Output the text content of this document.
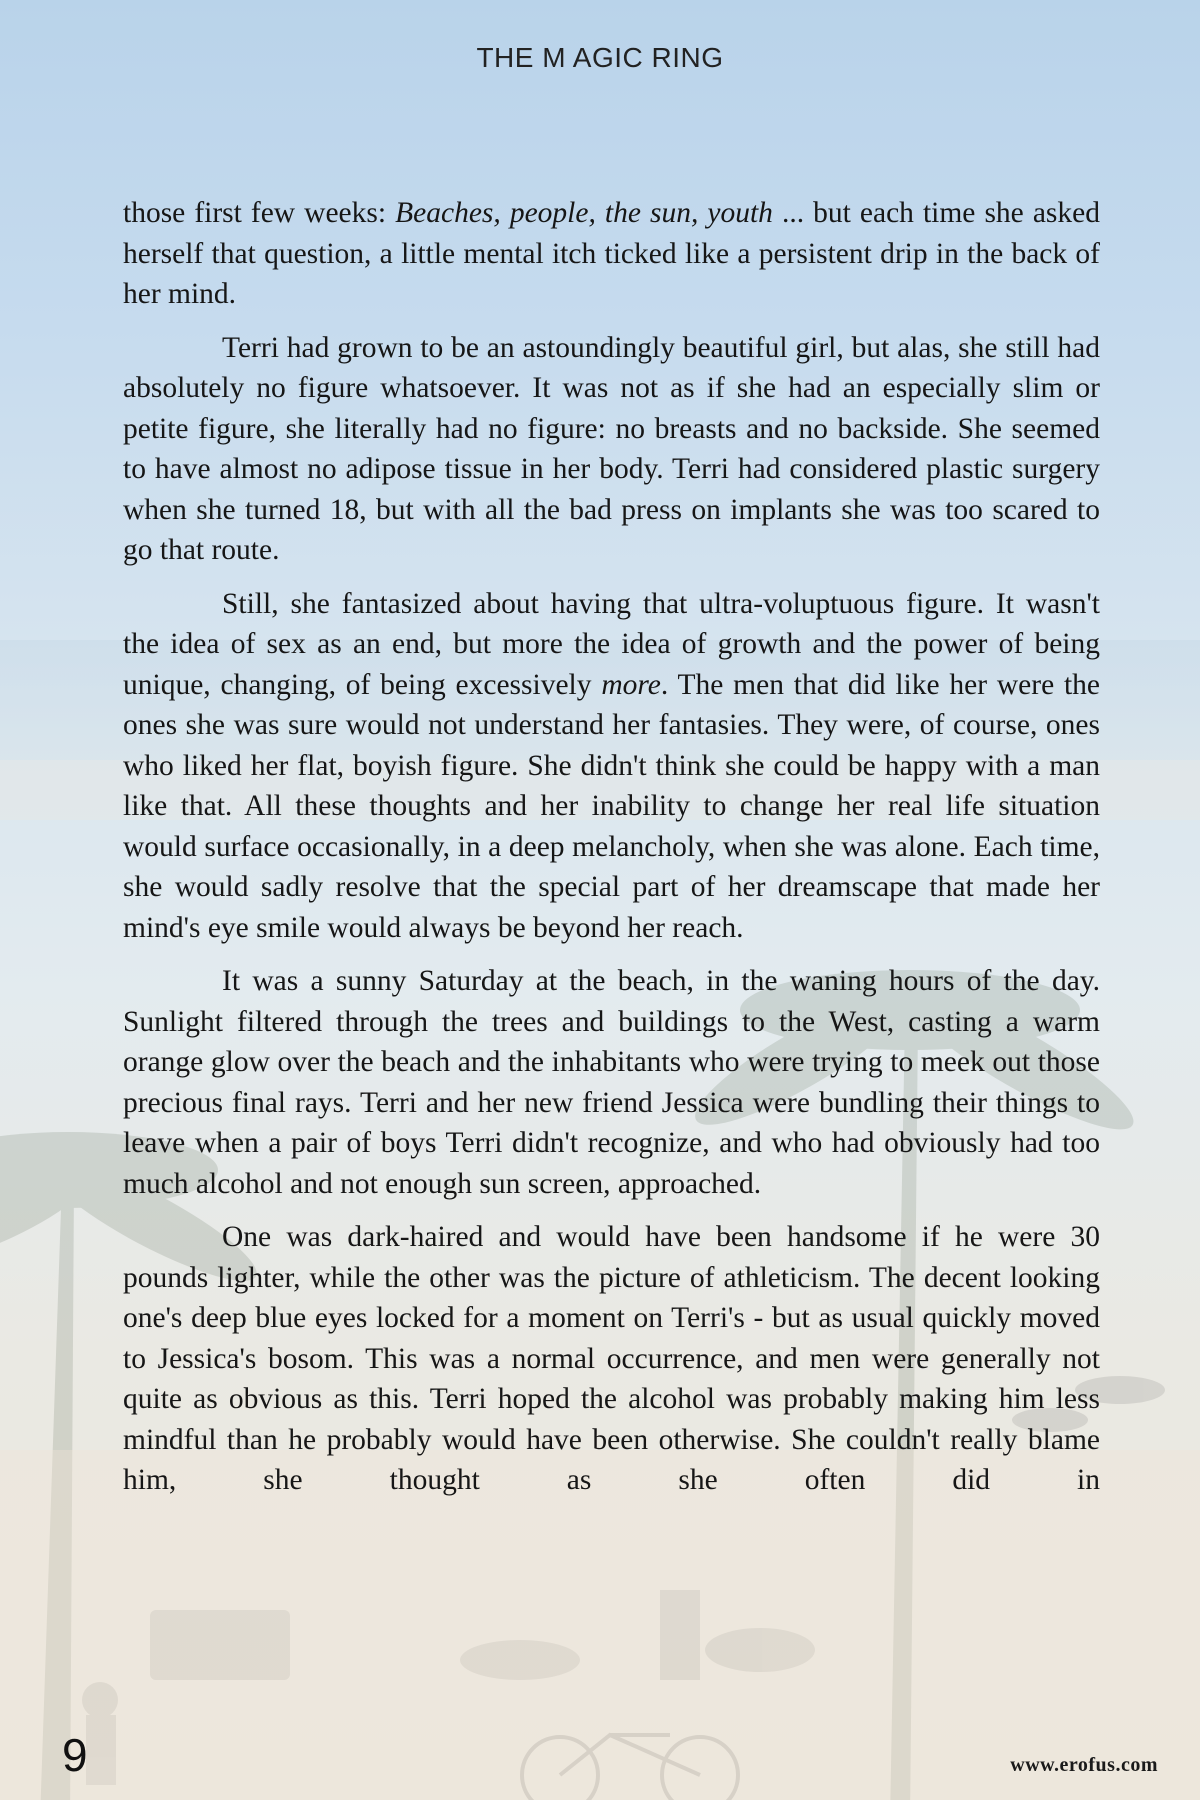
THE M AGIC RING

those first few weeks: Beaches, people, the sun, youth ... but each time she asked herself that question, a little mental itch ticked like a persistent drip in the back of her mind.

Terri had grown to be an astoundingly beautiful girl, but alas, she still had absolutely no figure whatsoever. It was not as if she had an especially slim or petite figure, she literally had no figure: no breasts and no backside. She seemed to have almost no adipose tissue in her body. Terri had considered plastic surgery when she turned 18, but with all the bad press on implants she was too scared to go that route.

Still, she fantasized about having that ultra-voluptuous figure. It wasn't the idea of sex as an end, but more the idea of growth and the power of being unique, changing, of being excessively more. The men that did like her were the ones she was sure would not understand her fantasies. They were, of course, ones who liked her flat, boyish figure. She didn't think she could be happy with a man like that. All these thoughts and her inability to change her real life situation would surface occasionally, in a deep melancholy, when she was alone. Each time, she would sadly resolve that the special part of her dreamscape that made her mind's eye smile would always be beyond her reach.

It was a sunny Saturday at the beach, in the waning hours of the day. Sunlight filtered through the trees and buildings to the West, casting a warm orange glow over the beach and the inhabitants who were trying to meek out those precious final rays. Terri and her new friend Jessica were bundling their things to leave when a pair of boys Terri didn't recognize, and who had obviously had too much alcohol and not enough sun screen, approached.

One was dark-haired and would have been handsome if he were 30 pounds lighter, while the other was the picture of athleticism. The decent looking one's deep blue eyes locked for a moment on Terri's - but as usual quickly moved to Jessica's bosom. This was a normal occurrence, and men were generally not quite as obvious as this. Terri hoped the alcohol was probably making him less mindful than he probably would have been otherwise. She couldn't really blame him, she thought as she often did in

9	www.erofus.com
